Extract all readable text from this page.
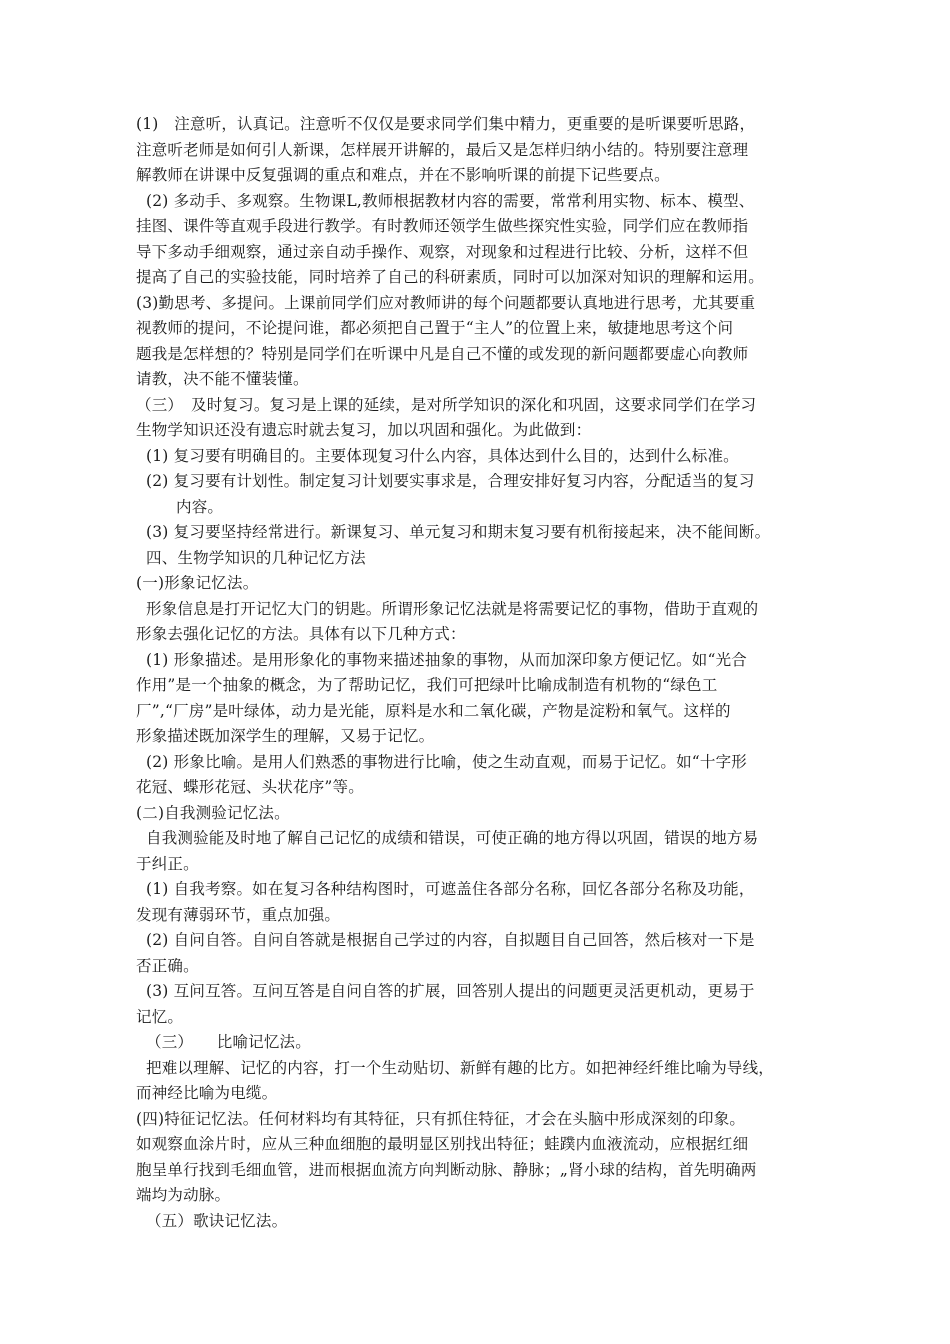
(1)　注意听，认真记。注意听不仅仅是要求同学们集中精力，更重要的是听课要听思路，
注意听老师是如何引人新课，怎样展开讲解的，最后又是怎样归纳小结的。特别要注意理
解教师在讲课中反复强调的重点和难点，并在不影响听课的前提下记些要点。
(2) 多动手、多观察。生物课L,教师根据教材内容的需要，常常利用实物、标本、模型、
挂图、课件等直观手段进行教学。有时教师还领学生做些探究性实验，同学们应在教师指
导下多动手细观察，通过亲自动手操作、观察，对现象和过程进行比较、分析，这样不但
提高了自己的实验技能，同时培养了自己的科研素质，同时可以加深对知识的理解和运用。
(3)勤思考、多提问。上课前同学们应对教师讲的每个问题都要认真地进行思考，尤其要重
视教师的提问，不论提问谁，都必须把自己置于“主人”的位置上来，敏捷地思考这个问
题我是怎样想的？特别是同学们在听课中凡是自己不懂的或发现的新问题都要虚心向教师
请教，决不能不懂装懂。
（三）　及时复习。复习是上课的延续，是对所学知识的深化和巩固，这要求同学们在学习
生物学知识还没有遗忘时就去复习，加以巩固和强化。为此做到：
(1) 复习要有明确目的。主要体现复习什么内容，具体达到什么目的，达到什么标准。
(2) 复习要有计划性。制定复习计划要实事求是，合理安排好复习内容，分配适当的复习
内容。
(3) 复习要坚持经常进行。新课复习、单元复习和期末复习要有机衔接起来，决不能间断。
四、生物学知识的几种记忆方法
(一)形象记忆法。
形象信息是打开记忆大门的钥匙。所谓形象记忆法就是将需要记忆的事物，借助于直观的
形象去强化记忆的方法。具体有以下几种方式：
(1) 形象描述。是用形象化的事物来描述抽象的事物，从而加深印象方便记忆。如“光合
作用”是一个抽象的概念，为了帮助记忆，我们可把绿叶比喻成制造有机物的“绿色工
厂”,“厂房”是叶绿体，动力是光能，原料是水和二氧化碳，产物是淀粉和氧气。这样的
形象描述既加深学生的理解，又易于记忆。
(2) 形象比喻。是用人们熟悉的事物进行比喻，使之生动直观，而易于记忆。如“十字形
花冠、蝶形花冠、头状花序”等。
(二)自我测验记忆法。
自我测验能及时地了解自己记忆的成绩和错误，可使正确的地方得以巩固，错误的地方易
于纠正。
(1) 自我考察。如在复习各种结构图时，可遮盖住各部分名称，回忆各部分名称及功能，
发现有薄弱环节，重点加强。
(2) 自问自答。自问自答就是根据自己学过的内容，自拟题目自己回答，然后核对一下是
否正确。
(3) 互问互答。互问互答是自问自答的扩展，回答别人提出的问题更灵活更机动，更易于
记忆。
（三）　　比喻记忆法。
把难以理解、记忆的内容，打一个生动贴切、新鲜有趣的比方。如把神经纤维比喻为导线，
而神经比喻为电缆。
(四)特征记忆法。任何材料均有其特征，只有抓住特征，才会在头脑中形成深刻的印象。
如观察血涂片时，应从三种血细胞的最明显区别找出特征；蛙蹼内血液流动，应根据红细
胞呈单行找到毛细血管，进而根据血流方向判断动脉、静脉；„肾小球的结构，首先明确两
端均为动脉。
（五）歌诀记忆法。
